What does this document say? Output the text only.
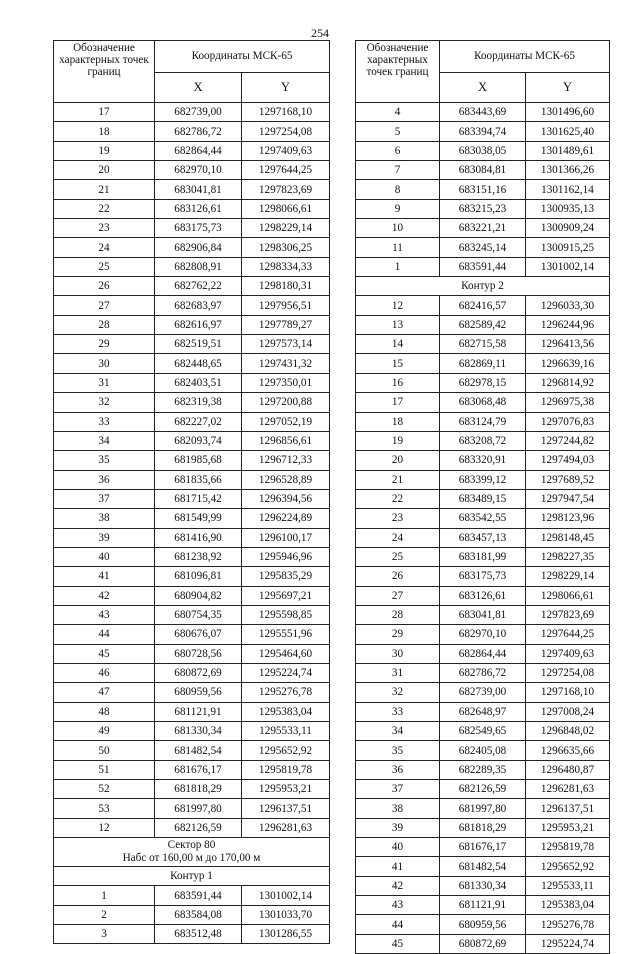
254
Обозначение характерных точек границ	Координаты МСК-65	
	X	Y
17	682739,00	1297168,10
18	682786,72	1297254,08
19	682864,44	1297409,63
20	682970,10	1297644,25
21	683041,81	1297823,69
22	683126,61	1298066,61
23	683175,73	1298229,14
24	682906,84	1298306,25
25	682808,91	1298334,33
26	682762,22	1298180,31
27	682683,97	1297956,51
28	682616,97	1297789,27
29	682519,51	1297573,14
30	682448,65	1297431,32
31	682403,51	1297350,01
32	682319,38	1297200,88
33	682227,02	1297052,19
34	682093,74	1296856,61
35	681985,68	1296712,33
36	681835,66	1296528,89
37	681715,42	1296394,56
38	681549,99	1296224,89
39	681416,90	1296100,17
40	681238,92	1295946,96
41	681096,81	1295835,29
42	680904,82	1295697,21
43	680754,35	1295598,85
44	680676,07	1295551,96
45	680728,56	1295464,60
46	680872,69	1295224,74
47	680959,56	1295276,78
48	681121,91	1295383,04
49	681330,34	1295533,11
50	681482,54	1295652,92
51	681676,17	1295819,78
52	681818,29	1295953,21
53	681997,80	1296137,51
12	682126,59	1296281,63
Сектор 80
Набс от 160,00 м до 170,00 м		
Контур 1		
1	683591,44	1301002,14
2	683584,08	1301033,70
3	683512,48	1301286,55
Обозначение характерных точек границ	Координаты МСК-65	
	X	Y
4	683443,69	1301496,60
5	683394,74	1301625,40
6	683038,05	1301489,61
7	683084,81	1301366,26
8	683151,16	1301162,14
9	683215,23	1300935,13
10	683221,21	1300909,24
11	683245,14	1300915,25
1	683591,44	1301002,14
Контур 2		
12	682416,57	1296033,30
13	682589,42	1296244,96
14	682715,58	1296413,56
15	682869,11	1296639,16
16	682978,15	1296814,92
17	683068,48	1296975,38
18	683124,79	1297076,83
19	683208,72	1297244,82
20	683320,91	1297494,03
21	683399,12	1297689,52
22	683489,15	1297947,54
23	683542,55	1298123,96
24	683457,13	1298148,45
25	683181,99	1298227,35
26	683175,73	1298229,14
27	683126,61	1298066,61
28	683041,81	1297823,69
29	682970,10	1297644,25
30	682864,44	1297409,63
31	682786,72	1297254,08
32	682739,00	1297168,10
33	682648,97	1297008,24
34	682549,65	1296848,02
35	682405,08	1296635,66
36	682289,35	1296480,87
37	682126,59	1296281,63
38	681997,80	1296137,51
39	681818,29	1295953,21
40	681676,17	1295819,78
41	681482,54	1295652,92
42	681330,34	1295533,11
43	681121,91	1295383,04
44	680959,56	1295276,78
45	680872,69	1295224,74
